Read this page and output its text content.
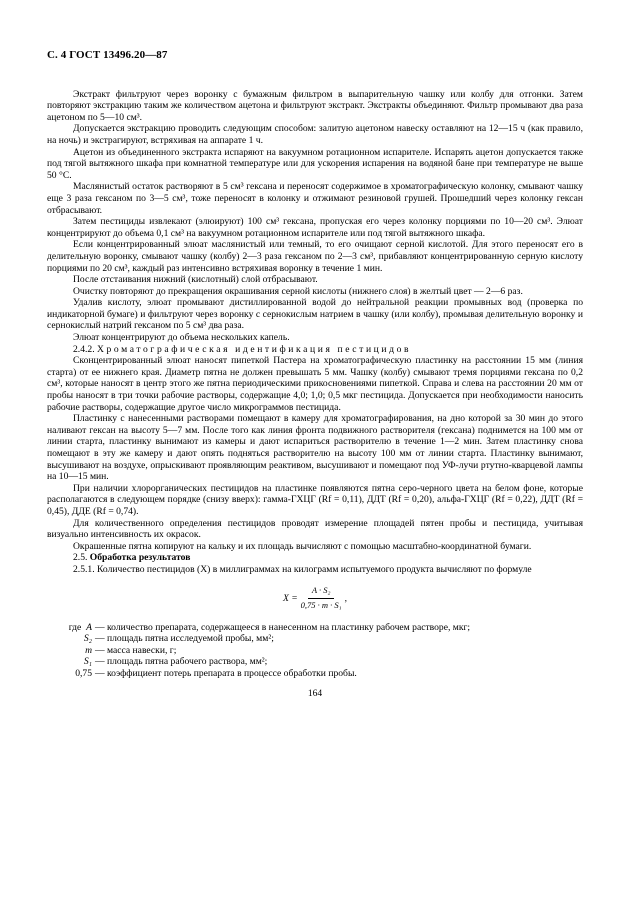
С. 4 ГОСТ 13496.20—87

Экстракт фильтруют через воронку с бумажным фильтром в выпарительную чашку или колбу для отгонки. Затем повторяют экстракцию таким же количеством ацетона и фильтруют экстракт. Экстракты объединяют. Фильтр промывают два раза ацетоном по 5—10 см³.

Допускается экстракцию проводить следующим способом: залитую ацетоном навеску оставляют на 12—15 ч (как правило, на ночь) и экстрагируют, встряхивая на аппарате 1 ч.

Ацетон из объединенного экстракта испаряют на вакуумном ротационном испарителе. Испарять ацетон допускается также под тягой вытяжного шкафа при комнатной температуре или для ускорения испарения на водяной бане при температуре не выше 50 °С.

Маслянистый остаток растворяют в 5 см³ гексана и переносят содержимое в хроматографическую колонку, смывают чашку еще 3 раза гексаном по 3—5 см³, тоже переносят в колонку и отжимают резиновой грушей. Прошедший через колонку гексан отбрасывают.

Затем пестициды извлекают (элюируют) 100 см³ гексана, пропуская его через колонку порциями по 10—20 см³. Элюат концентрируют до объема 0,1 см³ на вакуумном ротационном испарителе или под тягой вытяжного шкафа.

Если концентрированный элюат маслянистый или темный, то его очищают серной кислотой. Для этого переносят его в делительную воронку, смывают чашку (колбу) 2—3 раза гексаном по 2—3 см³, прибавляют концентрированную серную кислоту порциями по 20 см³, каждый раз интенсивно встряхивая воронку в течение 1 мин.

После отстаивания нижний (кислотный) слой отбрасывают.

Очистку повторяют до прекращения окрашивания серной кислоты (нижнего слоя) в желтый цвет — 2—6 раз.

Удалив кислоту, элюат промывают дистиллированной водой до нейтральной реакции промывных вод (проверка по индикаторной бумаге) и фильтруют через воронку с сернокислым натрием в чашку (или колбу), промывая делительную воронку и сернокислый натрий гексаном по 5 см³ два раза.

Элюат концентрируют до объема нескольких капель.

2.4.2. Хроматографическая идентификация пестицидов

Сконцентрированный элюат наносят пипеткой Пастера на хроматографическую пластинку на расстоянии 15 мм (линия старта) от ее нижнего края. Диаметр пятна не должен превышать 5 мм. Чашку (колбу) смывают тремя порциями гексана по 0,2 см³, которые наносят в центр этого же пятна периодическими прикосновениями пипеткой. Справа и слева на расстоянии 20 мм от пробы наносят в три точки рабочие растворы, содержащие 4,0; 1,0; 0,5 мкг пестицида. Допускается при необходимости наносить рабочие растворы, содержащие другое число микрограммов пестицида.

Пластинку с нанесенными растворами помещают в камеру для хроматографирования, на дно которой за 30 мин до этого наливают гексан на высоту 5—7 мм. После того как линия фронта подвижного растворителя (гексана) поднимется на 100 мм от линии старта, пластинку вынимают из камеры и дают испариться растворителю в течение 1—2 мин. Затем пластинку снова помещают в эту же камеру и дают опять подняться растворителю на высоту 100 мм от линии старта. Пластинку вынимают, высушивают на воздухе, опрыскивают проявляющим реактивом, высушивают и помещают под УФ-лучи ртутно-кварцевой лампы на 10—15 мин.

При наличии хлорорганических пестицидов на пластинке появляются пятна серо-черного цвета на белом фоне, которые располагаются в следующем порядке (снизу вверх): гамма-ГХЦГ (Rf = 0,11), ДДТ (Rf = 0,20), альфа-ГХЦГ (Rf = 0,22), ДДТ (Rf = 0,45), ДДЕ (Rf = 0,74).

Для количественного определения пестицидов проводят измерение площадей пятен пробы и пестицида, учитывая визуально интенсивность их окрасок.

Окрашенные пятна копируют на кальку и их площадь вычисляют с помощью масштабно-координатной бумаги.

2.5. Обработка результатов

2.5.1. Количество пестицидов (X) в миллиграммах на килограмм испытуемого продукта вычисляют по формуле

$X = \frac{\text{A · S₂}}{\text{0,75 · m · S₁}}$ ,
где A — количество препарата, содержащееся в нанесенном на пластинку рабочем растворе, мкг;
S₂ — площадь пятна исследуемой пробы, мм²;
m — масса навески, г;
S₁ — площадь пятна рабочего раствора, мм²;
0,75 — коэффициент потерь препарата в процессе обработки пробы.
164
